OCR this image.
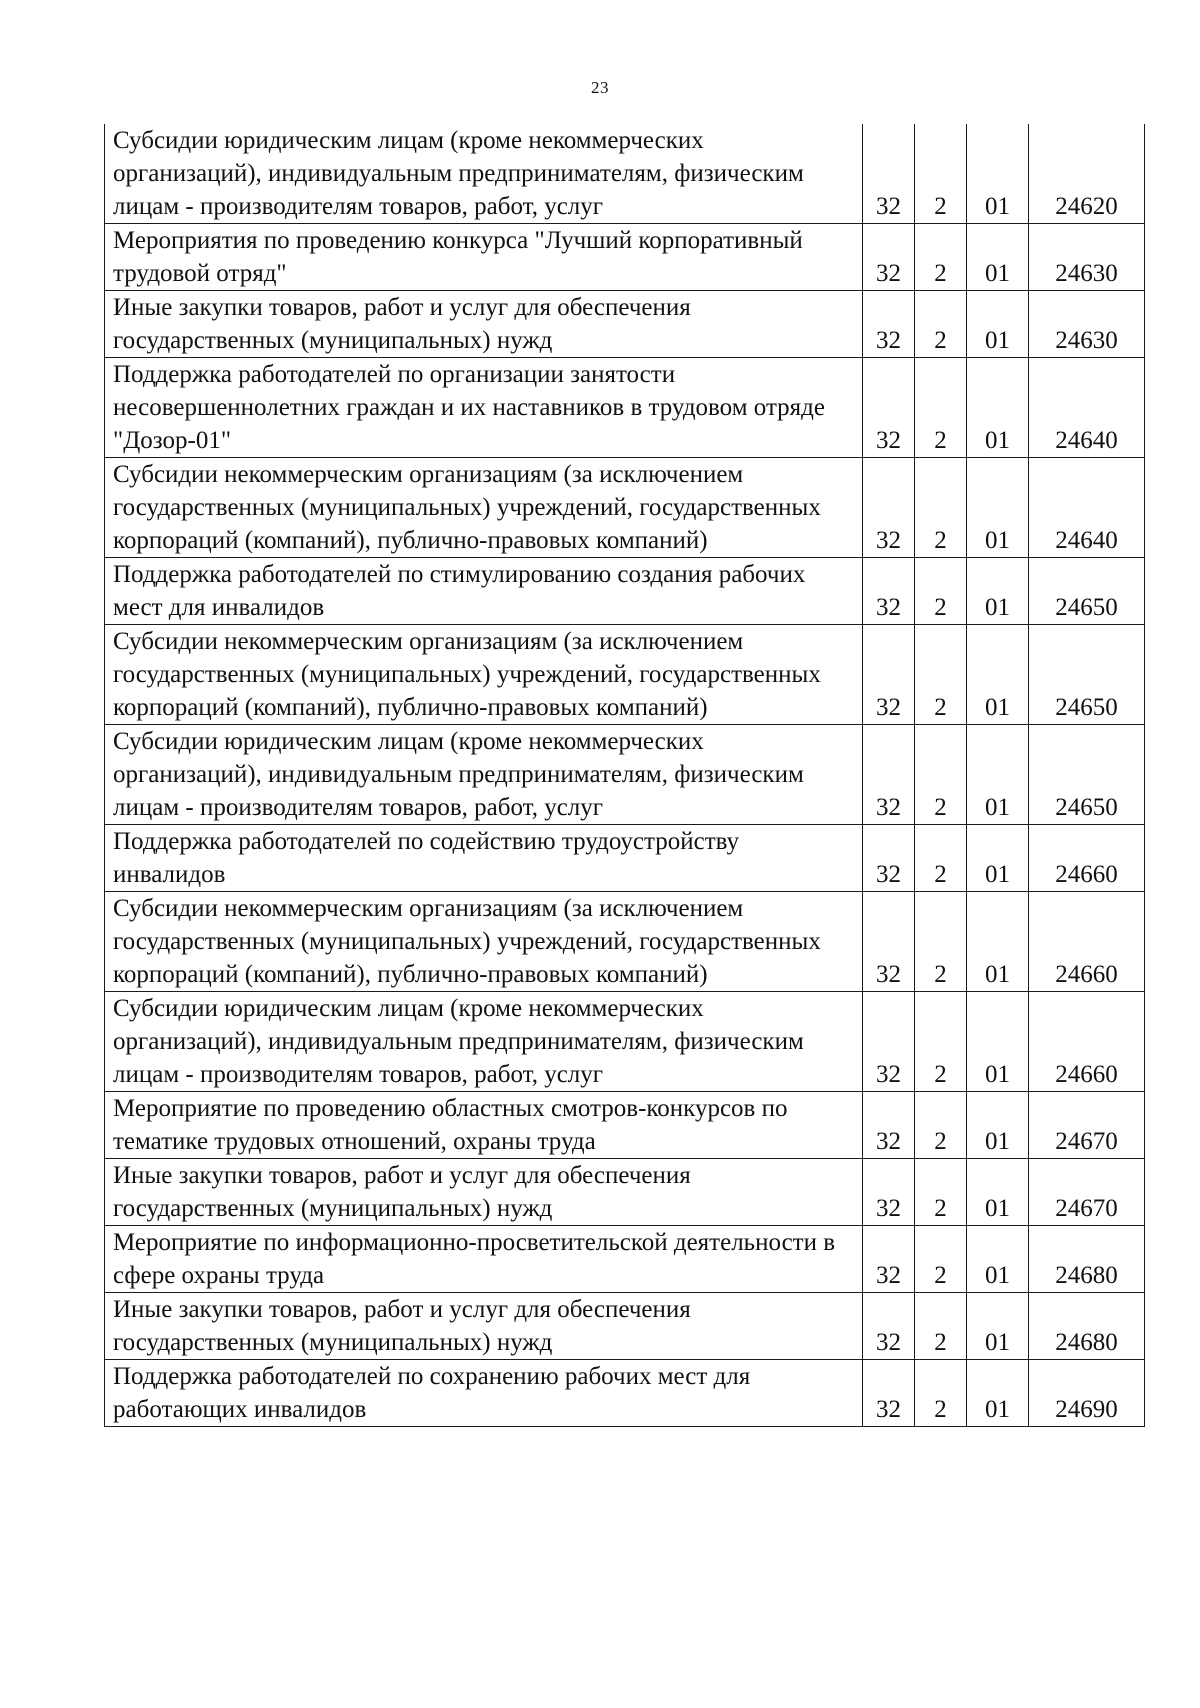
23
Субсидии юридическим лицам (кроме некоммерческих организаций), индивидуальным предпринимателям, физическим лицам - производителям товаров, работ, услуг	32	2	01	24620
Мероприятия по проведению конкурса "Лучший корпоративный трудовой отряд"	32	2	01	24630
Иные закупки товаров, работ и услуг для обеспечения государственных (муниципальных) нужд	32	2	01	24630
Поддержка работодателей по организации занятости несовершеннолетних граждан и их наставников в трудовом отряде "Дозор-01"	32	2	01	24640
Субсидии некоммерческим организациям (за исключением государственных (муниципальных) учреждений, государственных корпораций (компаний), публично-правовых компаний)	32	2	01	24640
Поддержка работодателей по стимулированию создания рабочих мест для инвалидов	32	2	01	24650
Субсидии некоммерческим организациям (за исключением государственных (муниципальных) учреждений, государственных корпораций (компаний), публично-правовых компаний)	32	2	01	24650
Субсидии юридическим лицам (кроме некоммерческих организаций), индивидуальным предпринимателям, физическим лицам - производителям товаров, работ, услуг	32	2	01	24650
Поддержка работодателей по содействию трудоустройству инвалидов	32	2	01	24660
Субсидии некоммерческим организациям (за исключением государственных (муниципальных) учреждений, государственных корпораций (компаний), публично-правовых компаний)	32	2	01	24660
Субсидии юридическим лицам (кроме некоммерческих организаций), индивидуальным предпринимателям, физическим лицам - производителям товаров, работ, услуг	32	2	01	24660
Мероприятие по проведению областных смотров-конкурсов по тематике трудовых отношений, охраны труда	32	2	01	24670
Иные закупки товаров, работ и услуг для обеспечения государственных (муниципальных) нужд	32	2	01	24670
Мероприятие по информационно-просветительской деятельности в сфере охраны труда	32	2	01	24680
Иные закупки товаров, работ и услуг для обеспечения государственных (муниципальных) нужд	32	2	01	24680
Поддержка работодателей по сохранению рабочих мест для работающих инвалидов	32	2	01	24690
